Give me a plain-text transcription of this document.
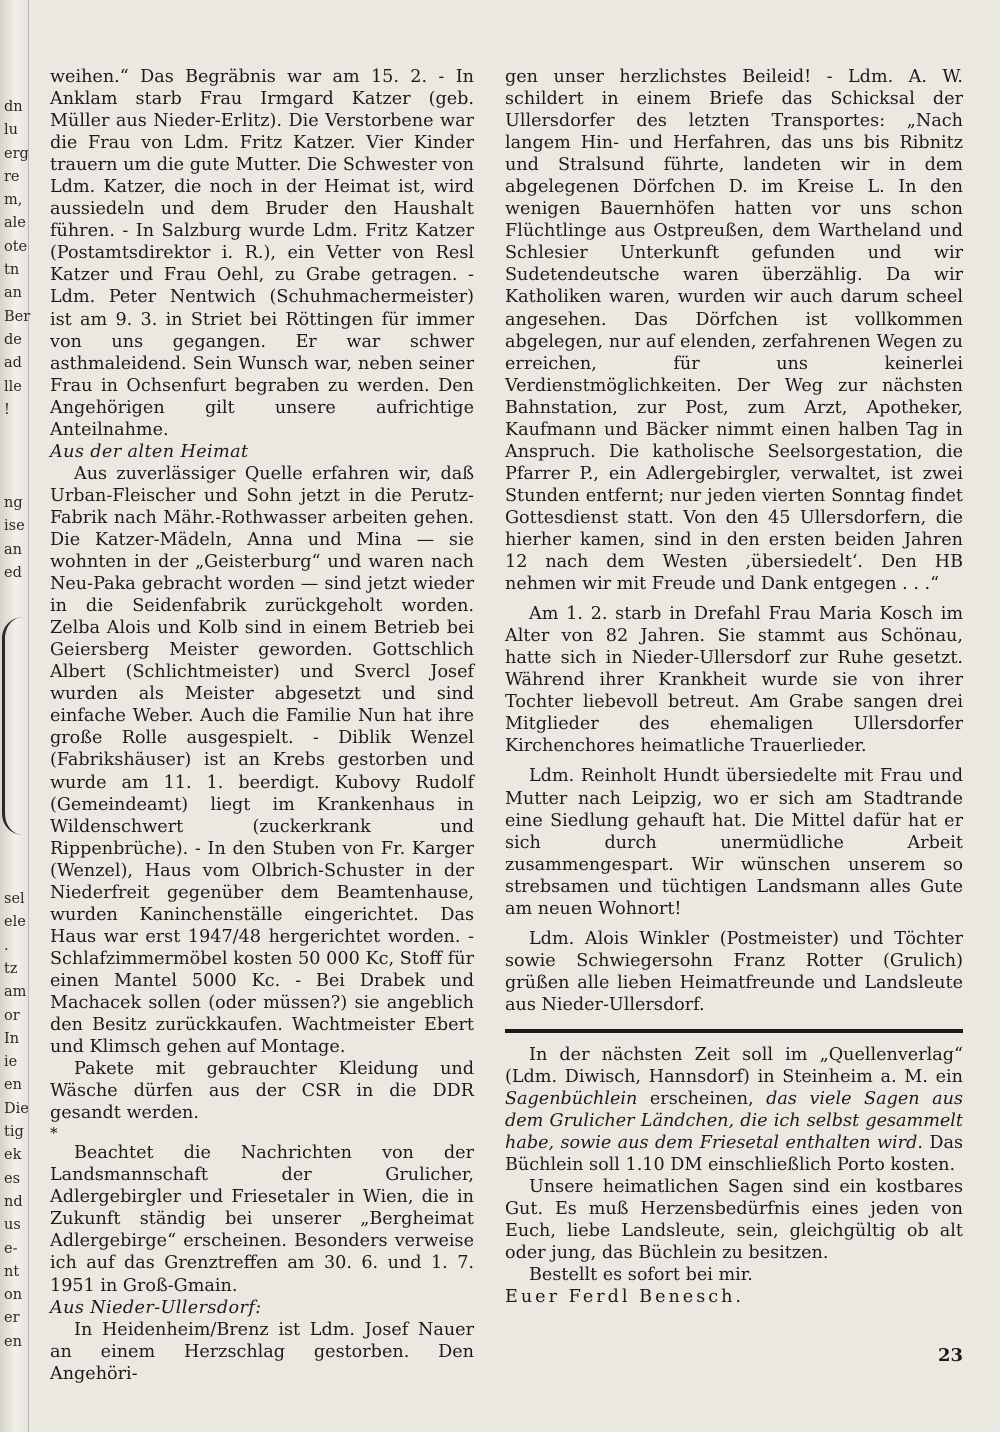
dn
lu
erg
re
m,
ale
ote
tn
an
Ber
de
ad
lle
!

ng
ise
an
ed

sel
ele
.
tz
am
or
In
ie
en
Die
tig
ek
es
nd
us
e-
nt
on
er
en

weihen.“ Das Begräbnis war am 15. 2. - In Anklam starb Frau Irmgard Katzer (geb. Müller aus Nieder-Erlitz). Die Verstorbene war die Frau von Ldm. Fritz Katzer. Vier Kinder trauern um die gute Mutter. Die Schwester von Ldm. Katzer, die noch in der Heimat ist, wird aussiedeln und dem Bruder den Haushalt führen. - In Salzburg wurde Ldm. Fritz Katzer (Postamtsdirektor i. R.), ein Vetter von Resl Katzer und Frau Oehl, zu Grabe getragen. - Ldm. Peter Nentwich (Schuhmachermeister) ist am 9. 3. in Striet bei Röttingen für immer von uns gegangen. Er war schwer asthmaleidend. Sein Wunsch war, neben seiner Frau in Ochsenfurt begraben zu werden. Den Angehörigen gilt unsere aufrichtige Anteilnahme.

Aus der alten Heimat

Aus zuverlässiger Quelle erfahren wir, daß Urban-Fleischer und Sohn jetzt in die Perutz-Fabrik nach Mähr.-Rothwasser arbeiten gehen. Die Katzer-Mädeln, Anna und Mina — sie wohnten in der „Geisterburg“ und waren nach Neu-Paka gebracht worden — sind jetzt wieder in die Seidenfabrik zurückgeholt worden. Zelba Alois und Kolb sind in einem Betrieb bei Geiersberg Meister geworden. Gottschlich Albert (Schlichtmeister) und Svercl Josef wurden als Meister abgesetzt und sind einfache Weber. Auch die Familie Nun hat ihre große Rolle ausgespielt. - Diblik Wenzel (Fabrikshäuser) ist an Krebs gestorben und wurde am 11. 1. beerdigt. Kubovy Rudolf (Gemeindeamt) liegt im Krankenhaus in Wildenschwert (zuckerkrank und Rippenbrüche). - In den Stuben von Fr. Karger (Wenzel), Haus vom Olbrich-Schuster in der Niederfreit gegenüber dem Beamtenhause, wurden Kaninchenställe eingerichtet. Das Haus war erst 1947/48 hergerichtet worden. - Schlafzimmermöbel kosten 50 000 Kc, Stoff für einen Mantel 5000 Kc. - Bei Drabek und Machacek sollen (oder müssen?) sie angeblich den Besitz zurückkaufen. Wachtmeister Ebert und Klimsch gehen auf Montage.

Pakete mit gebrauchter Kleidung und Wäsche dürfen aus der CSR in die DDR gesandt werden.

*

Beachtet die Nachrichten von der Landsmannschaft der Grulicher, Adlergebirgler und Friesetaler in Wien, die in Zukunft ständig bei unserer „Bergheimat Adlergebirge“ erscheinen. Besonders verweise ich auf das Grenztreffen am 30. 6. und 1. 7. 1951 in Groß-Gmain.

Aus Nieder-Ullersdorf:

In Heidenheim/Brenz ist Ldm. Josef Nauer an einem Herzschlag gestorben. Den Angehöri-

gen unser herzlichstes Beileid! - Ldm. A. W. schildert in einem Briefe das Schicksal der Ullersdorfer des letzten Transportes: „Nach langem Hin- und Herfahren, das uns bis Ribnitz und Stralsund führte, landeten wir in dem abgelegenen Dörfchen D. im Kreise L. In den wenigen Bauernhöfen hatten vor uns schon Flüchtlinge aus Ostpreußen, dem Wartheland und Schlesier Unterkunft gefunden und wir Sudetendeutsche waren überzählig. Da wir Katholiken waren, wurden wir auch darum scheel angesehen. Das Dörfchen ist vollkommen abgelegen, nur auf elenden, zerfahrenen Wegen zu erreichen, für uns keinerlei Verdienstmöglichkeiten. Der Weg zur nächsten Bahnstation, zur Post, zum Arzt, Apotheker, Kaufmann und Bäcker nimmt einen halben Tag in Anspruch. Die katholische Seelsorgestation, die Pfarrer P., ein Adlergebirgler, verwaltet, ist zwei Stunden entfernt; nur jeden vierten Sonntag findet Gottesdienst statt. Von den 45 Ullersdorfern, die hierher kamen, sind in den ersten beiden Jahren 12 nach dem Westen ‚übersiedelt‘. Den HB nehmen wir mit Freude und Dank entgegen . . .“

Am 1. 2. starb in Drefahl Frau Maria Kosch im Alter von 82 Jahren. Sie stammt aus Schönau, hatte sich in Nieder-Ullersdorf zur Ruhe gesetzt. Während ihrer Krankheit wurde sie von ihrer Tochter liebevoll betreut. Am Grabe sangen drei Mitglieder des ehemaligen Ullersdorfer Kirchenchores heimatliche Trauerlieder.

Ldm. Reinholt Hundt übersiedelte mit Frau und Mutter nach Leipzig, wo er sich am Stadtrande eine Siedlung gehauft hat. Die Mittel dafür hat er sich durch unermüdliche Arbeit zusammengespart. Wir wünschen unserem so strebsamen und tüchtigen Landsmann alles Gute am neuen Wohnort!

Ldm. Alois Winkler (Postmeister) und Töchter sowie Schwiegersohn Franz Rotter (Grulich) grüßen alle lieben Heimatfreunde und Landsleute aus Nieder-Ullersdorf.

In der nächsten Zeit soll im „Quellenverlag“ (Ldm. Diwisch, Hannsdorf) in Steinheim a. M. ein Sagenbüchlein erscheinen, das viele Sagen aus dem Grulicher Ländchen, die ich selbst gesammelt habe, sowie aus dem Friesetal enthalten wird. Das Büchlein soll 1.10 DM einschließlich Porto kosten.

Unsere heimatlichen Sagen sind ein kostbares Gut. Es muß Herzensbedürfnis eines jeden von Euch, liebe Landsleute, sein, gleichgültig ob alt oder jung, das Büchlein zu besitzen.

Bestellt es sofort bei mir.

Euer Ferdl Benesch.

23
